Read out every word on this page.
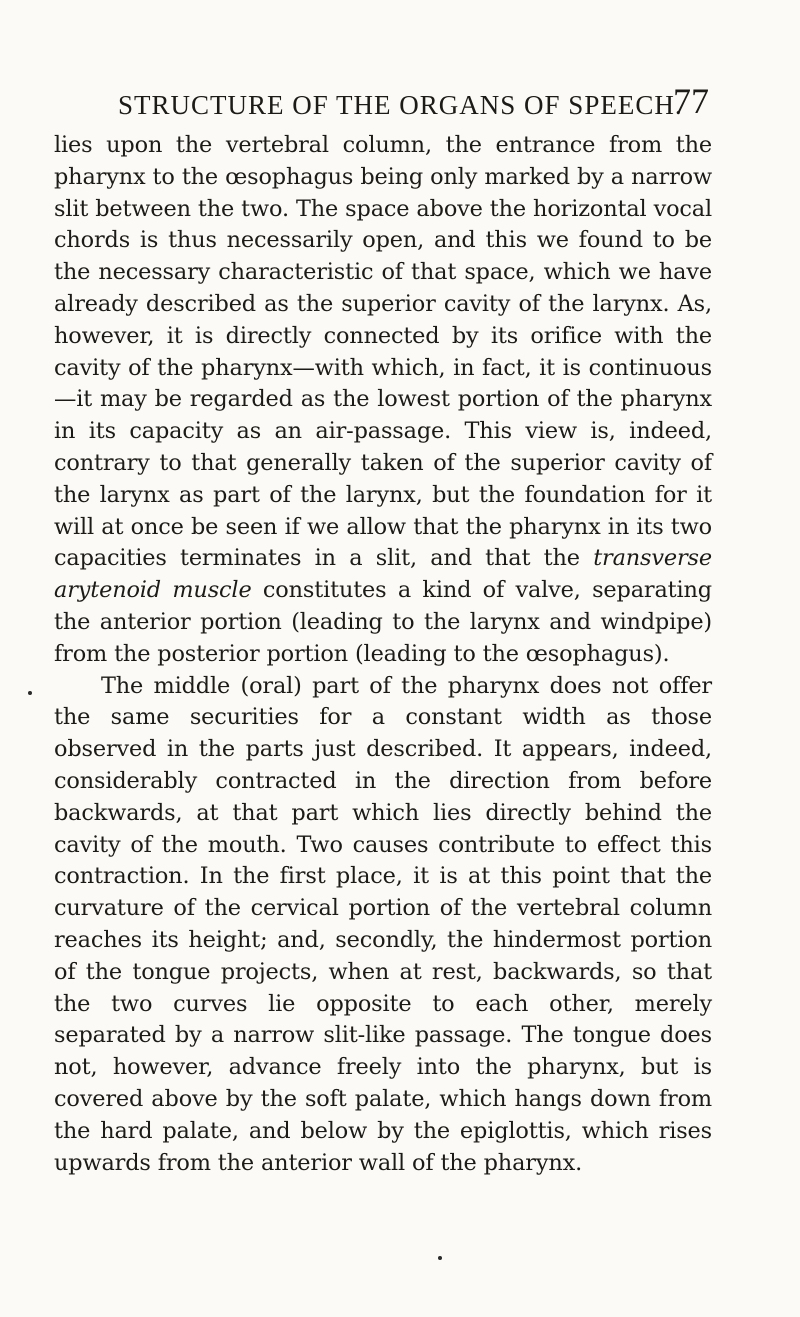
STRUCTURE OF THE ORGANS OF SPEECH.
77

lies upon the vertebral column, the entrance from the pharynx to the œsophagus being only marked by a narrow slit between the two. The space above the horizontal vocal chords is thus necessarily open, and this we found to be the necessary characteristic of that space, which we have already described as the superior cavity of the larynx. As, however, it is directly connected by its orifice with the cavity of the pharynx—with which, in fact, it is continuous—it may be regarded as the lowest portion of the pharynx in its capacity as an air-passage. This view is, indeed, contrary to that generally taken of the superior cavity of the larynx as part of the larynx, but the foundation for it will at once be seen if we allow that the pharynx in its two capacities terminates in a slit, and that the transverse arytenoid muscle constitutes a kind of valve, separating the anterior portion (leading to the larynx and windpipe) from the posterior portion (leading to the œsophagus).

The middle (oral) part of the pharynx does not offer the same securities for a constant width as those observed in the parts just described. It appears, indeed, considerably contracted in the direction from before backwards, at that part which lies directly behind the cavity of the mouth. Two causes contribute to effect this contraction. In the first place, it is at this point that the curvature of the cervical portion of the vertebral column reaches its height; and, secondly, the hindermost portion of the tongue projects, when at rest, backwards, so that the two curves lie opposite to each other, merely separated by a narrow slit-like passage. The tongue does not, however, advance freely into the pharynx, but is covered above by the soft palate, which hangs down from the hard palate, and below by the epiglottis, which rises upwards from the anterior wall of the pharynx.
